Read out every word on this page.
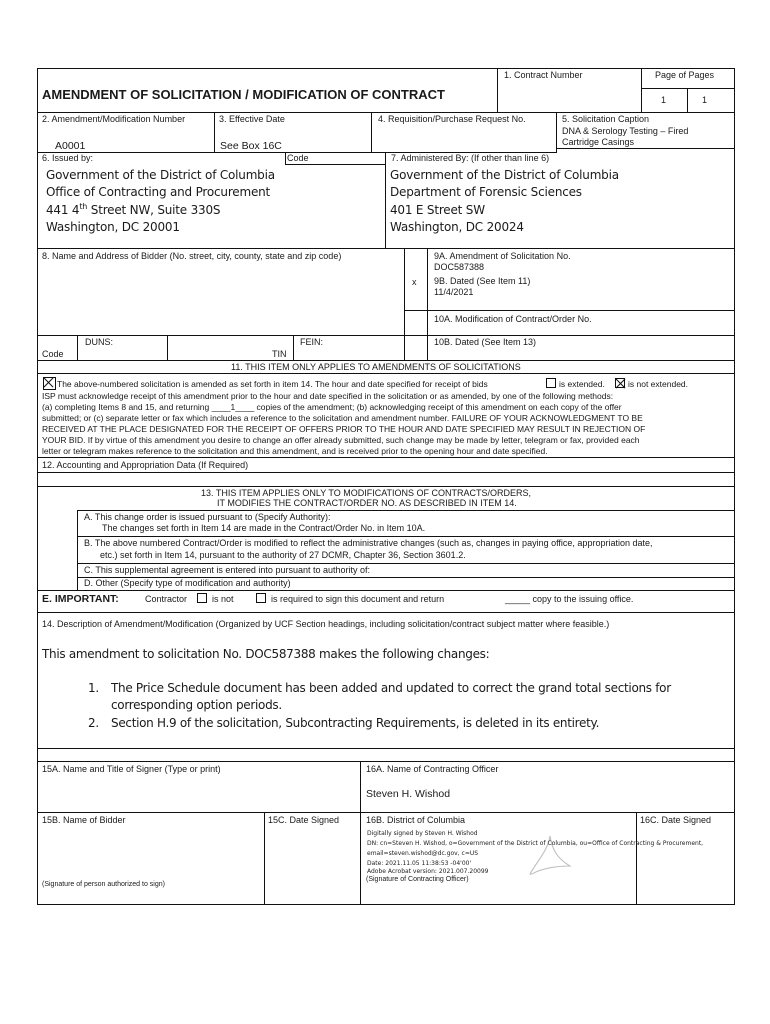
AMENDMENT OF SOLICITATION / MODIFICATION OF CONTRACT
1. Contract Number	Page of Pages
1	1
2. Amendment/Modification Number
A0001
3. Effective Date
See Box 16C
4. Requisition/Purchase Request No.	5. Solicitation Caption
DNA & Serology Testing – Fired
Cartridge Casings
6. Issued by:	Code
Government of the District of Columbia
Office of Contracting and Procurement
441 4th Street NW, Suite 330S
Washington, DC 20001
7. Administered By: (If other than line 6)
Government of the District of Columbia
Department of Forensic Sciences
401 E Street SW
Washington, DC 20024
8. Name and Address of Bidder (No. street, city, county, state and zip code)
x
9A. Amendment of Solicitation No.
DOC587388
9B. Dated (See Item 11)
11/4/2021
10A. Modification of Contract/Order No.
10B. Dated (See Item 13)
DUNS:	FEIN:
Code	TIN
11. THIS ITEM ONLY APPLIES TO AMENDMENTS OF SOLICITATIONS
The above-numbered solicitation is amended as set forth in item 14. The hour and date specified for receipt of bids	is extended.	is not extended.
ISP must acknowledge receipt of this amendment prior to the hour and date specified in the solicitation or as amended, by one of the following methods:
(a) completing Items 8 and 15, and returning ____1____ copies of the amendment; (b) acknowledging receipt of this amendment on each copy of the offer
submitted; or (c) separate letter or fax which includes a reference to the solicitation and amendment number. FAILURE OF YOUR ACKNOWLEDGMENT TO BE
RECEIVED AT THE PLACE DESIGNATED FOR THE RECEIPT OF OFFERS PRIOR TO THE HOUR AND DATE SPECIFIED MAY RESULT IN REJECTION OF
YOUR BID. If by virtue of this amendment you desire to change an offer already submitted, such change may be made by letter, telegram or fax, provided each
letter or telegram makes reference to the solicitation and this amendment, and is received prior to the opening hour and date specified.
12. Accounting and Appropriation Data (If Required)
13. THIS ITEM APPLIES ONLY TO MODIFICATIONS OF CONTRACTS/ORDERS,
IT MODIFIES THE CONTRACT/ORDER NO. AS DESCRIBED IN ITEM 14.
A. This change order is issued pursuant to (Specify Authority):
The changes set forth in Item 14 are made in the Contract/Order No. in Item 10A.
B. The above numbered Contract/Order is modified to reflect the administrative changes (such as, changes in paying office, appropriation date,
etc.) set forth in Item 14, pursuant to the authority of 27 DCMR, Chapter 36, Section 3601.2.
C. This supplemental agreement is entered into pursuant to authority of:
D. Other (Specify type of modification and authority)
E. IMPORTANT:	Contractor	is not	is required to sign this document and return	_____ copy to the issuing office.
14. Description of Amendment/Modification (Organized by UCF Section headings, including solicitation/contract subject matter where feasible.)
This amendment to solicitation No. DOC587388 makes the following changes:
1. The Price Schedule document has been added and updated to correct the grand total sections for
corresponding option periods.
2. Section H.9 of the solicitation, Subcontracting Requirements, is deleted in its entirety.
15A. Name and Title of Signer (Type or print)	16A. Name of Contracting Officer
Steven H. Wishod
15B. Name of Bidder
(Signature of person authorized to sign)
15C. Date Signed	16B. District of Columbia	16C. Date Signed
Digitally signed by Steven H. Wishod
DN: cn=Steven H. Wishod, o=Government of the District of Columbia, ou=Office of Contracting & Procurement,
email=steven.wishod@dc.gov, c=US
Date: 2021.11.05 11:38:53 -04'00'
Adobe Acrobat version: 2021.007.20099
(Signature of Contracting Officer)
